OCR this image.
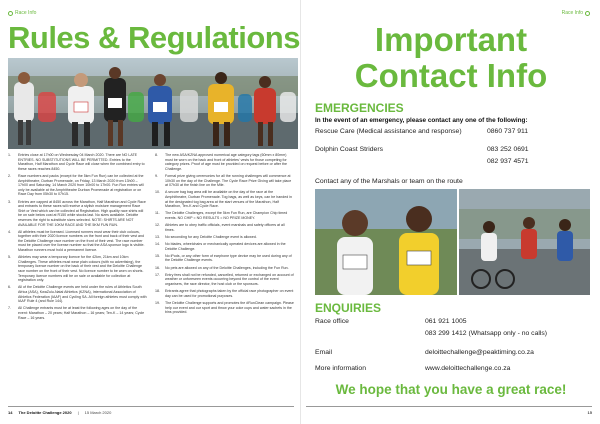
Race Info
Rules & Regulations
1.	Entries close at 17h00 on Wednesday 04 March 2020. There are NO LATE ENTRIES. NO SUBSTITUTIONS WILL BE PERMITTED. Entries to the Marathon, Half Marathon and Cycle Race will close when the combined entry to these races reaches 8450.
2.	Race numbers and packs (except for the 5km Fun Run) can be collected at the Amphitheatre, Durban Promenade, on Friday, 13 March 2020 from 13h00 – 17h00 and Saturday, 14 March 2020 from 10h00 to 17h00. Fun Run entries will only be available at the Amphitheatre Durban Promenade at registration or on Race Day from 05h30 to 07h15.
3.	Entries are capped at 8450 across the Marathon, Half Marathon and Cycle Race and entrants to these races will receive a stylish moisture management Race Shirt or Vest which can be collected at Registration. High quality race shirts will be on sale below cost at R150 while stocks last. No sizes available. Deloitte reserves the right to substitute sizes selected. NOTE: SHIRTS ARE NOT AVAILABLE FOR THE 10KM RACE AND THE 5KM FUN RUN.
4.	All athletes must be licensed. Licensed runners must wear their club colours, together with their 2020 licence numbers on the front and back of their vest and the Deloitte Challenge race number on the front of their vest. The race number must be placed over the license number so that the ASA sponsor logo is visible. Marathon runners must hold a permanent licence.
5.	Athletes may wear a temporary licence for the 42km, 21km and 10km Challenges. These athletes must wear plain colours (with no advertising), the temporary licence number on the back of their vest and the Deloitte Challenge race number on the front of their vest. No licence number to be worn on shorts. Temporary licence numbers will be on sale or available for collection at registration only.
6.	All of the Deloitte Challenge events are held under the rules of Athletics South Africa (ASA), KwaZulu-Natal Athletics (KZNA), International Association of Athletics Federation (IAAF) and Cycling SA. All foreign athletes must comply with IAAF Rule 4 (and Rule 144).
7.	All Challenge entrants must be at least the following ages on the day of the event: Marathon – 20 years; Half Marathon – 16 years; Ten-K – 14 years; Cycle Race – 16 years.
8.	The new ASA/KZNA approved numerical age category tags (60mm x 80mm) must be worn on the back and front of athletes' vests for those competing for category prizes. Proof of age must be provided on request before or after the Challenge.
9.	Formal prize giving ceremonies for all the running challenges will commence at 10h30 on the day of the Challenge. The Cycle Race Prize Giving will take place at 07h30 at the finish line on the Mile.
10.	A secure bag bag area will be available on the day of the race at the Amphitheatre, Durban Promenade. Tog bags, as well as keys, can be handed in at the designated tog bag area at the start venues of the Marathon, Half Marathon, Ten-K and Cycle Race.
11.	The Deloitte Challenges, except the 5km Fun Run, are Champion Chip timed events. NO CHIP = NO RESULTS = NO PRIZE MONEY.
12.	Athletes are to obey traffic officials, event marshals and safety officers at all times.
13.	No seconding for any Deloitte Challenge event is allowed.
14.	No blades, wheelchairs or mechanically operated devices are allowed in the Deloitte Challenge.
15.	No iPods, or any other form of earphone type device may be used during any of the Deloitte Challenge events.
16.	No pets are allowed on any of the Deloitte Challenges, including the Fun Run.
17.	Entry fees shall not be refunded, cancelled, returned or exchanged on account of weather or unforeseen events occurring beyond the control of the event organisers, the race director, the host club or the sponsors.
18.	Entrants agree that photographs taken by the official race photographer on event day can be used for promotional purposes.
19.	The Deloitte Challenge supports and promotes the #RunClean campaign. Please help our event and our sport and throw your coke cups and water sachets in the bins provided.
14 The Deloitte Challenge 2020 | 15 March 2020
Race Info
Important
Contact Info
EMERGENCIES
In the event of an emergency, please contact any one of the following:
Rescue Care (Medical assistance and response)	0860 737 911
Dolphin Coast Striders	083 252 0691
082 937 4571
Contact any of the Marshals or team on the route
ENQUIRIES
Race office	061 921 1005
083 299 1412 (Whatsapp only - no calls)
Email	deloittechallenge@peaktiming.co.za
More information	www.deloittechallenge.co.za
We hope that you have a great race!
15
